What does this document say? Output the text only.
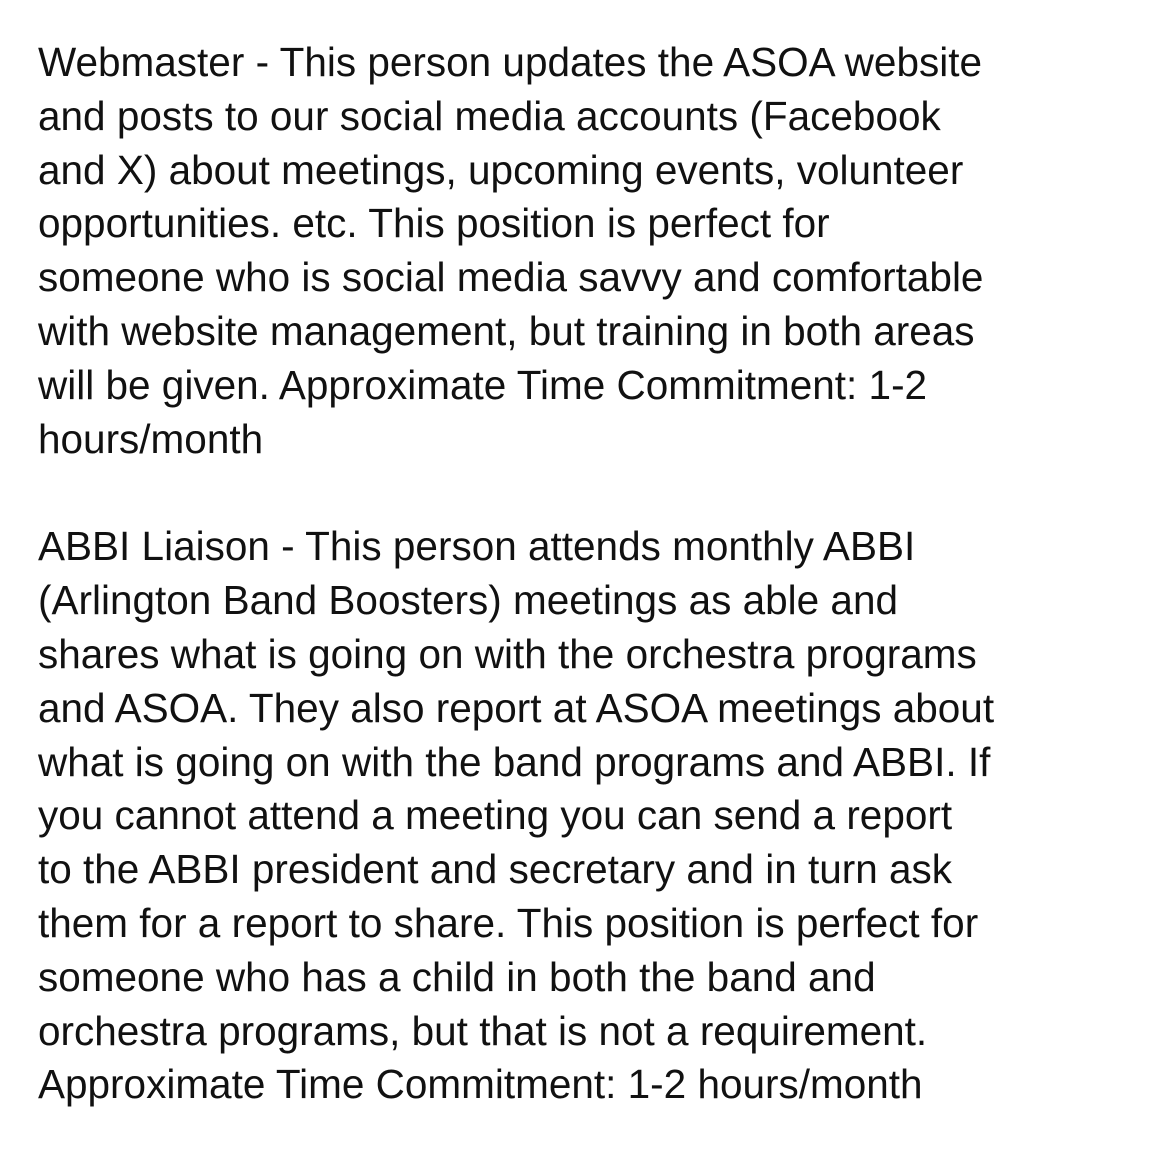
Webmaster - This person updates the ASOA website
and posts to our social media accounts (Facebook
and X) about meetings, upcoming events, volunteer
opportunities. etc. This position is perfect for
someone who is social media savvy and comfortable
with website management, but training in both areas
will be given. Approximate Time Commitment: 1-2
hours/month
ABBI Liaison - This person attends monthly ABBI
(Arlington Band Boosters) meetings as able and
shares what is going on with the orchestra programs
and ASOA. They also report at ASOA meetings about
what is going on with the band programs and ABBI. If
you cannot attend a meeting you can send a report
to the ABBI president and secretary and in turn ask
them for a report to share. This position is perfect for
someone who has a child in both the band and
orchestra programs, but that is not a requirement.
Approximate Time Commitment: 1-2 hours/month
